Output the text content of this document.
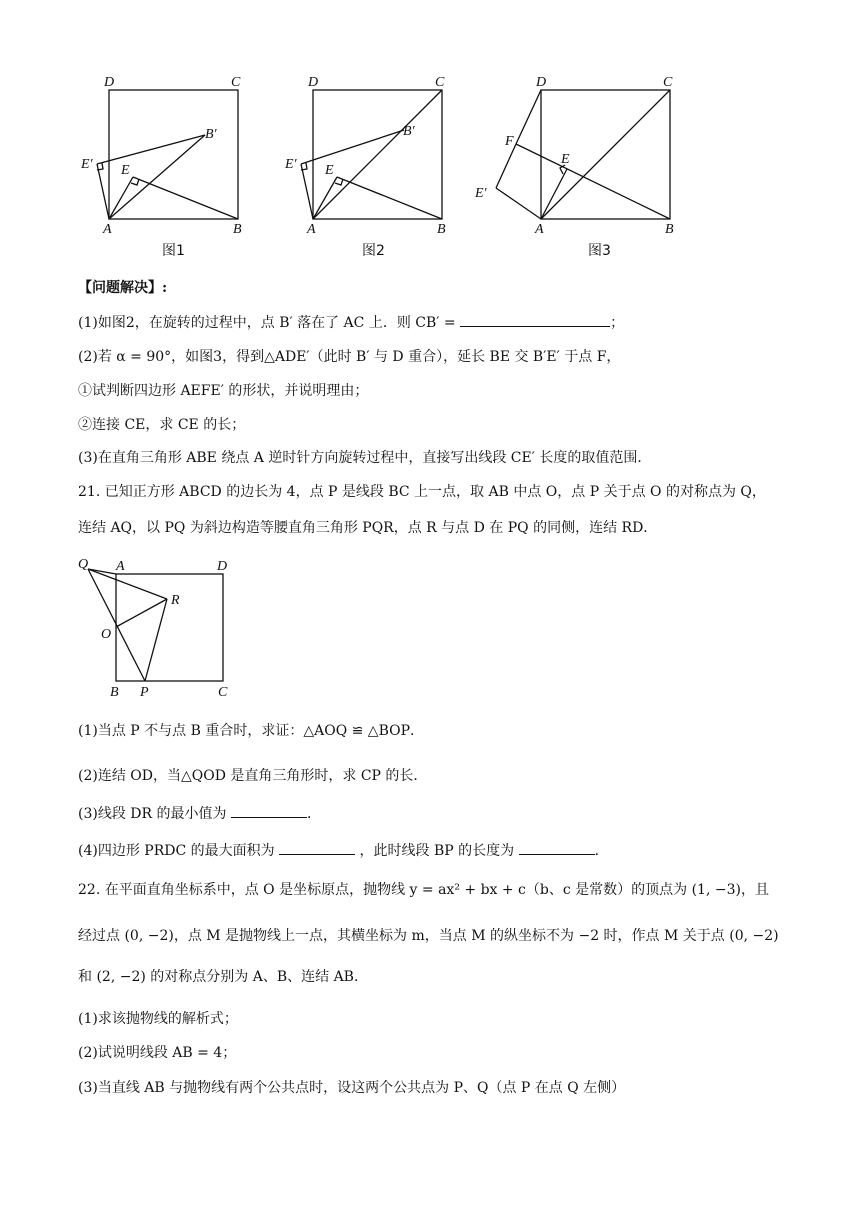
D	C
A	B
E′ E
B′
图1
D	C
A	B
E′ E
B′
图2
D	C
A	B
F
E
E′
图3
【问题解决】:
(1)如图2，在旋转的过程中，点 B′ 落在了 AC 上．则 CB′ =	；
(2)若 α = 90°，如图3，得到△ADE′（此时 B′ 与 D 重合），延长 BE 交 B′E′ 于点 F，
①试判断四边形 AEFE′ 的形状，并说明理由；
②连接 CE，求 CE 的长；
(3)在直角三角形 ABE 绕点 A 逆时针方向旋转过程中，直接写出线段 CE′ 长度的取值范围．
21. 已知正方形 ABCD 的边长为 4，点 P 是线段 BC 上一点，取 AB 中点 O，点 P 关于点 O 的对称点为 Q，
连结 AQ，以 PQ 为斜边构造等腰直角三角形 PQR，点 R 与点 D 在 PQ 的同侧，连结 RD．
Q A	D
R
O
B P	C
(1)当点 P 不与点 B 重合时，求证：△AOQ ≌ △BOP．
(2)连结 OD，当△QOD 是直角三角形时，求 CP 的长．
(3)线段 DR 的最小值为	．
(4)四边形 PRDC 的最大面积为	，此时线段 BP 的长度为	．
22. 在平面直角坐标系中，点 O 是坐标原点，抛物线 y = ax² + bx + c（b、c 是常数）的顶点为 (1, −3)，且
经过点 (0, −2)，点 M 是抛物线上一点，其横坐标为 m，当点 M 的纵坐标不为 −2 时，作点 M 关于点 (0, −2)
和 (2, −2) 的对称点分别为 A、B、连结 AB．
(1)求该抛物线的解析式；
(2)试说明线段 AB = 4；
(3)当直线 AB 与抛物线有两个公共点时，设这两个公共点为 P、Q（点 P 在点 Q 左侧）
